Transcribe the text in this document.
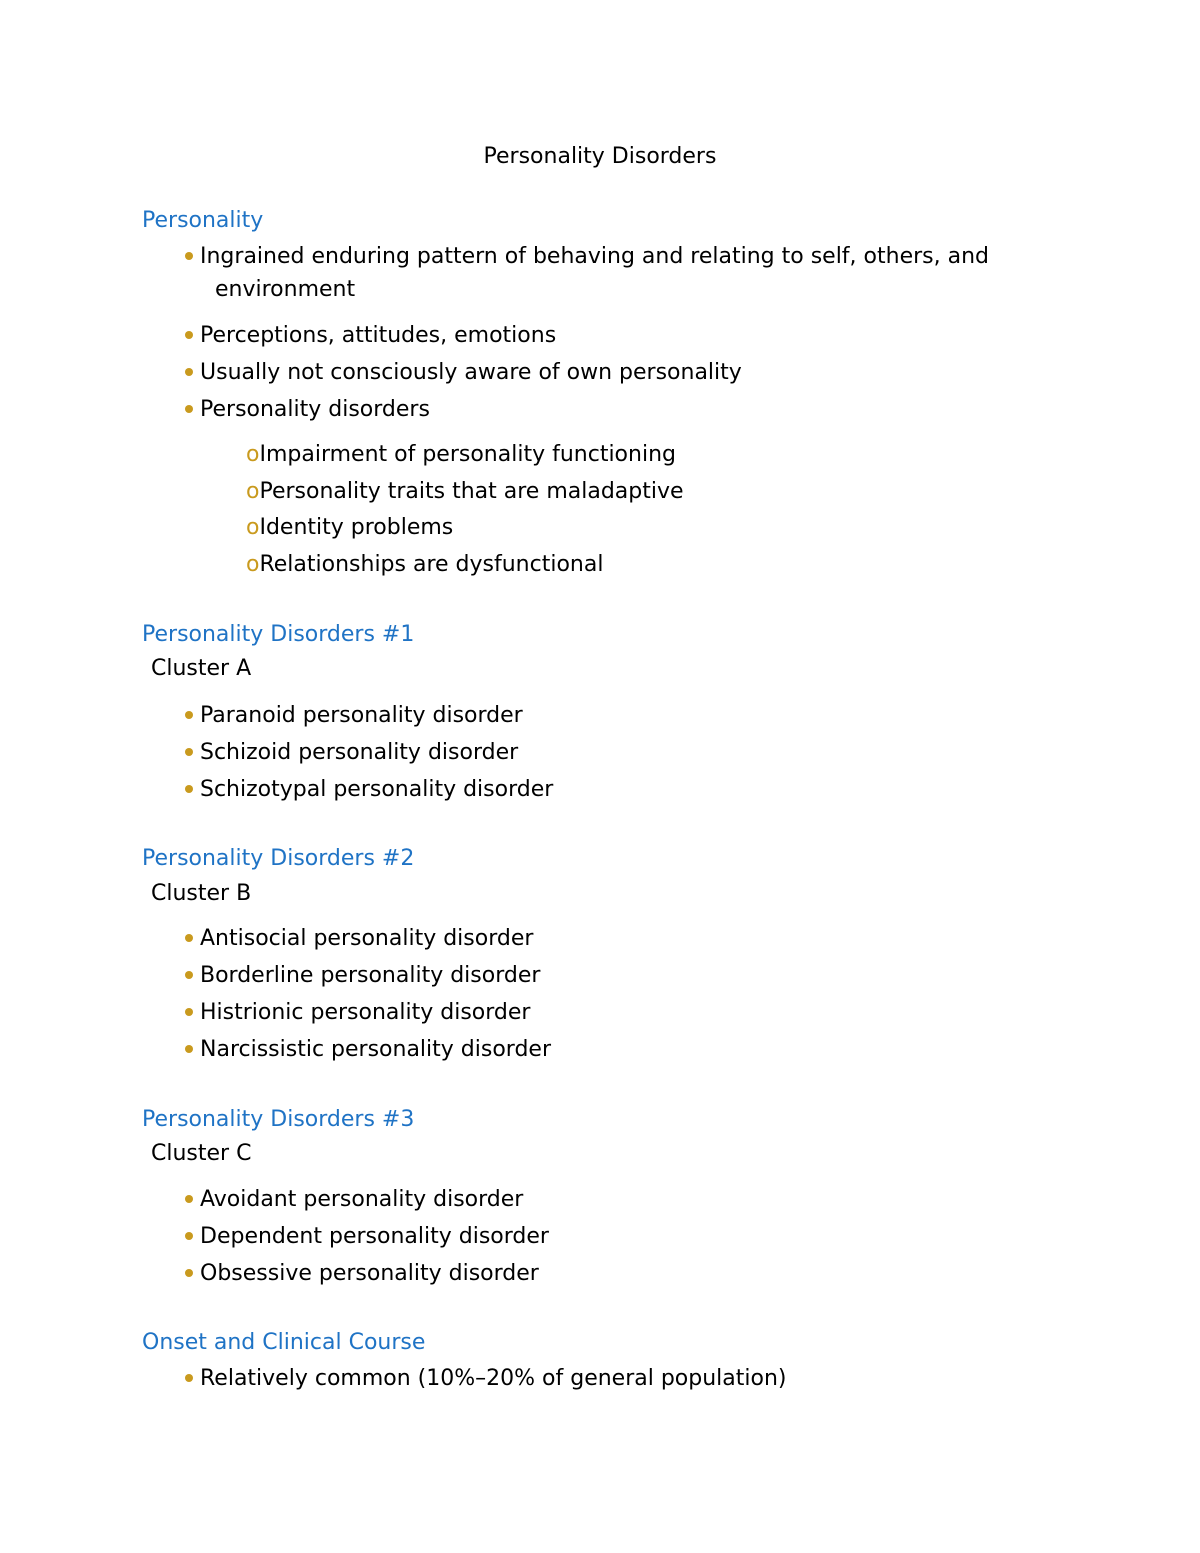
Personality Disorders
Personality
Ingrained enduring pattern of behaving and relating to self, others, and
environment
Perceptions, attitudes, emotions
Usually not consciously aware of own personality
Personality disorders
oImpairment of personality functioning
oPersonality traits that are maladaptive
oIdentity problems
oRelationships are dysfunctional
Personality Disorders #1
Cluster A
Paranoid personality disorder
Schizoid personality disorder
Schizotypal personality disorder
Personality Disorders #2
Cluster B
Antisocial personality disorder
Borderline personality disorder
Histrionic personality disorder
Narcissistic personality disorder
Personality Disorders #3
Cluster C
Avoidant personality disorder
Dependent personality disorder
Obsessive personality disorder
Onset and Clinical Course
Relatively common (10%–20% of general population)
